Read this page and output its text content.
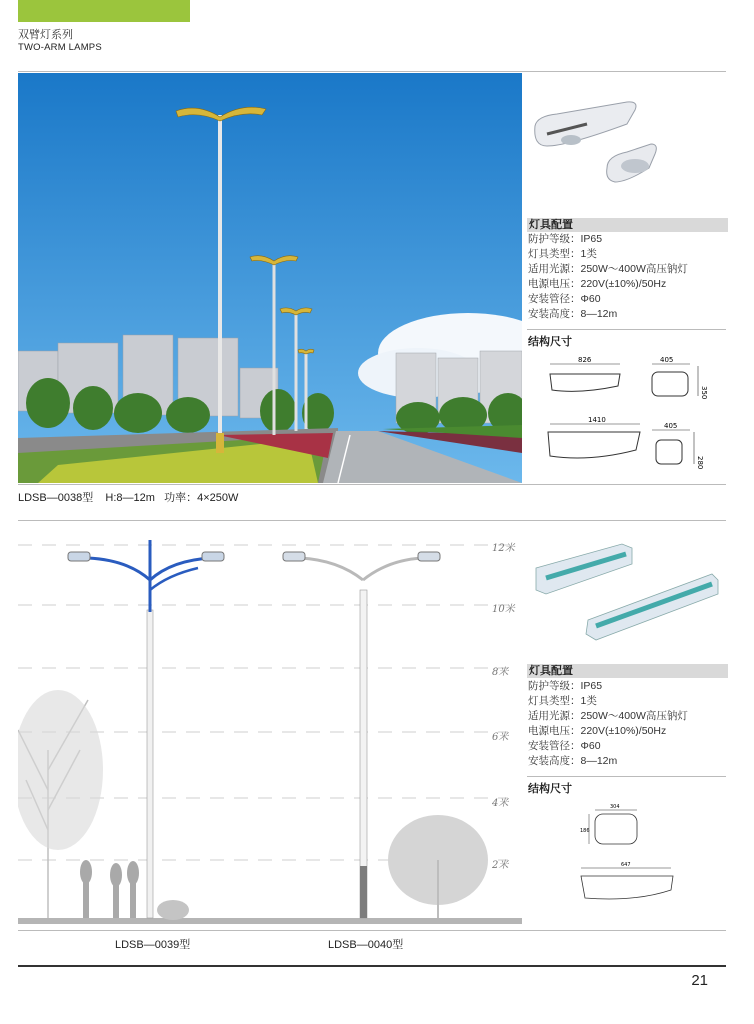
双臂灯系列
TWO-ARM LAMPS
灯具配置
防护等级：IP65
灯具类型：1类
适用光源：250W～400W高压钠灯
电源电压：220V(±10%)/50Hz
安装管径：Φ60
安装高度：8—12m
结构尺寸
826	405
350
1410
405
280
LDSB—0038型    H:8—12m   功率：4×250W
12米
10米
8米
6米
4米
2米
灯具配置
防护等级：IP65
灯具类型：1类
适用光源：250W～400W高压钠灯
电源电压：220V(±10%)/50Hz
安装管径：Φ60
安装高度：8—12m
结构尺寸
304
186
647
LDSB—0039型	LDSB—0040型
21
